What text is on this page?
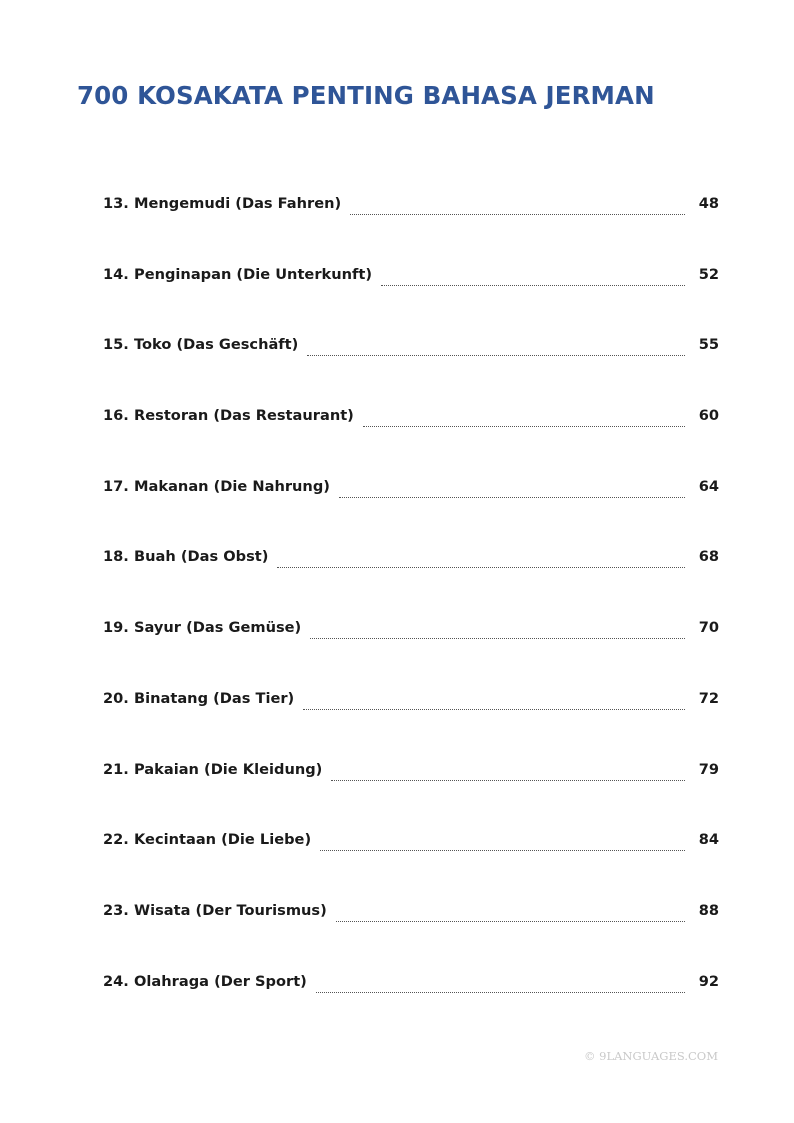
700 KOSAKATA PENTING BAHASA JERMAN
13. Mengemudi (Das Fahren)	48
14. Penginapan (Die Unterkunft)	52
15. Toko (Das Geschäft)	55
16. Restoran (Das Restaurant)	60
17. Makanan (Die Nahrung)	64
18. Buah (Das Obst)	68
19. Sayur (Das Gemüse)	70
20. Binatang (Das Tier)	72
21. Pakaian (Die Kleidung)	79
22. Kecintaan (Die Liebe)	84
23. Wisata (Der Tourismus)	88
24. Olahraga (Der Sport)	92

© 9LANGUAGES.COM
